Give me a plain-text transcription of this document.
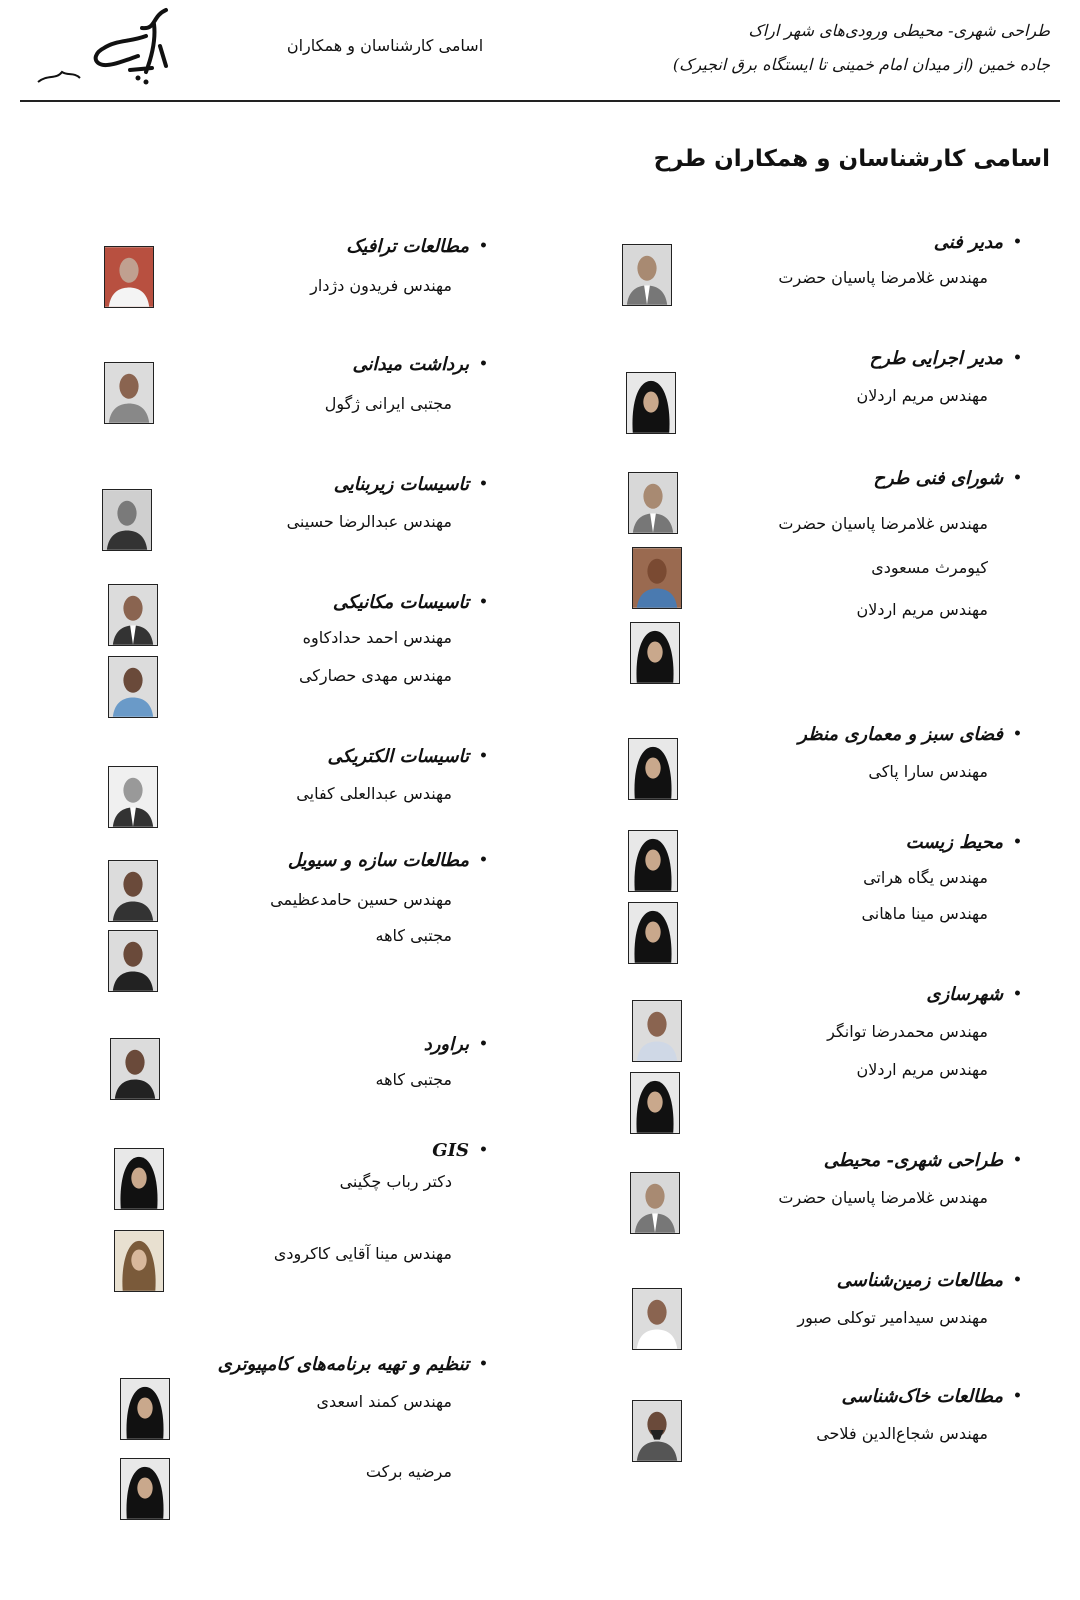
طراحی شهری- محیطی ورودی‌های شهر اراک
جاده خمین (از میدان امام خمینی تا ایستگاه برق انجیرک)
اسامی کارشناسان و همکاران
اسامی کارشناسان و همکاران طرح
•مدیر فنی
مهندس غلامرضا پاسیان حضرت
•مدیر اجرایی طرح
مهندس مریم اردلان
•شورای فنی طرح
مهندس غلامرضا پاسیان حضرت
کیومرث مسعودی
مهندس مریم اردلان
•فضای سبز و معماری منظر
مهندس سارا پاکی
•محیط زیست
مهندس یگاه هراتی
مهندس مینا ماهانی
•شهرسازی
مهندس محمدرضا توانگر
مهندس مریم اردلان
•طراحی شهری- محیطی
مهندس غلامرضا پاسیان حضرت
•مطالعات زمین‌شناسی
مهندس سیدامیر توکلی صبور
•مطالعات خاک‌شناسی
مهندس شجاع‌الدین فلاحی
•مطالعات ترافیک
مهندس فریدون دژدار
•برداشت میدانی
مجتبی ایرانی ژگول
•تاسیسات زیربنایی
مهندس عبدالرضا حسینی
•تاسیسات مکانیکی
مهندس احمد حدادکاوه
مهندس مهدی حصارکی
•تاسیسات الکتریکی
مهندس عبدالعلی کفایی
•مطالعات سازه و سیویل
مهندس حسین حامدعظیمی
مجتبی کاهه
•براورد
مجتبی کاهه
•GIS
دکتر رباب چگینی
مهندس مینا آقایی کاکرودی
•تنظیم و تهیه برنامه‌های کامپیوتری
مهندس کمند اسعدی
مرضیه برکت
